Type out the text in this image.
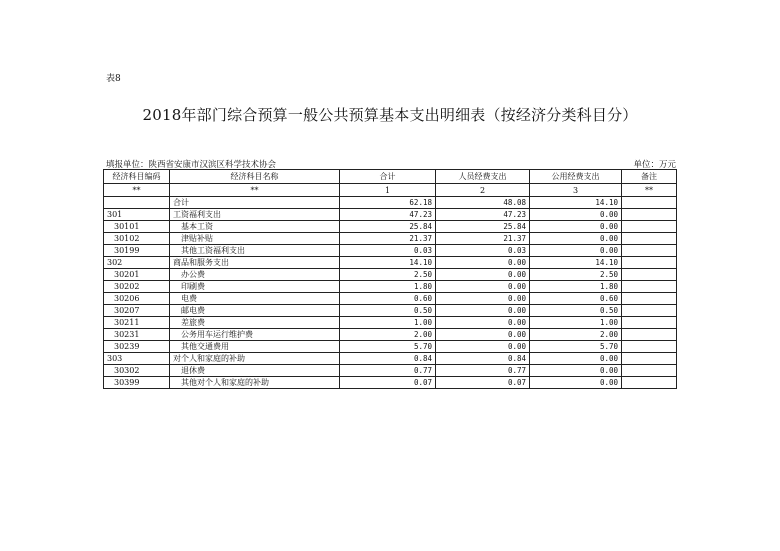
表8
2018年部门综合预算一般公共预算基本支出明细表（按经济分类科目分）
填报单位：陕西省安康市汉滨区科学技术协会	单位：万元
经济科目编码	经济科目名称	合计	人员经费支出	公用经费支出	备注
**	**	1	2	3	**
	合计	62.18	48.08	14.10	
301	工资福利支出	47.23	47.23	0.00	
30101	基本工资	25.84	25.84	0.00	
30102	津贴补贴	21.37	21.37	0.00	
30199	其他工资福利支出	0.03	0.03	0.00	
302	商品和服务支出	14.10	0.00	14.10	
30201	办公费	2.50	0.00	2.50	
30202	印刷费	1.80	0.00	1.80	
30206	电费	0.60	0.00	0.60	
30207	邮电费	0.50	0.00	0.50	
30211	差旅费	1.00	0.00	1.00	
30231	公务用车运行维护费	2.00	0.00	2.00	
30239	其他交通费用	5.70	0.00	5.70	
303	对个人和家庭的补助	0.84	0.84	0.00	
30302	退休费	0.77	0.77	0.00	
30399	其他对个人和家庭的补助	0.07	0.07	0.00	
